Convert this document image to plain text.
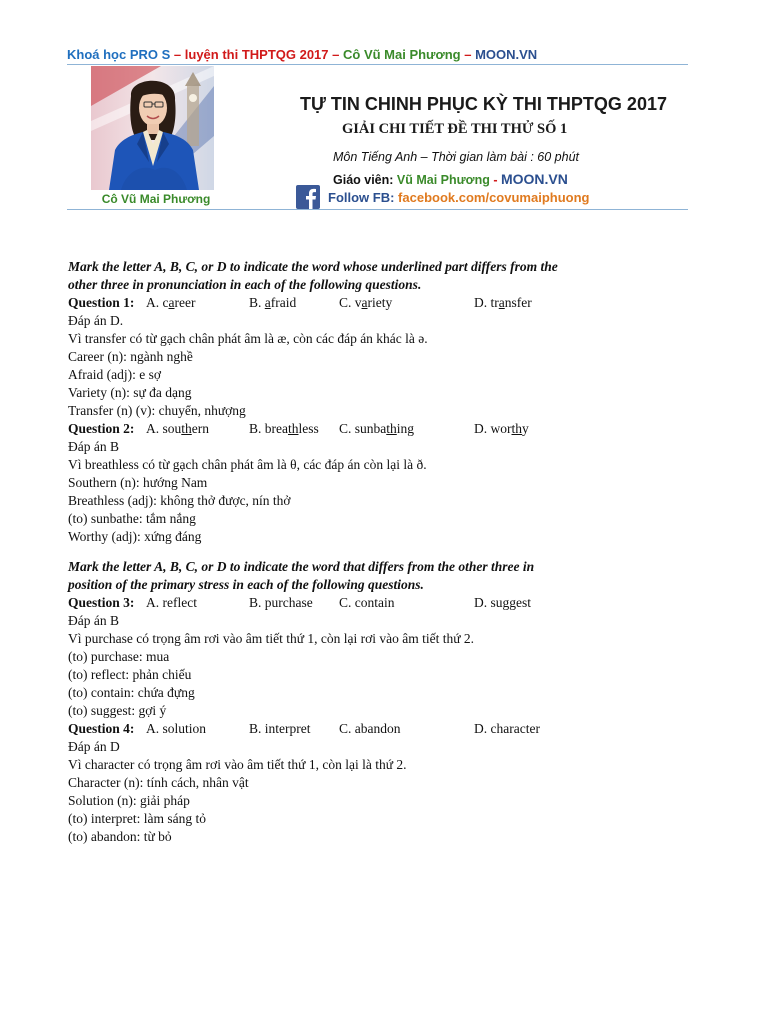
Khoá học PRO S – luyện thi THPTQG 2017 – Cô Vũ Mai Phương – MOON.VN
Cô Vũ Mai Phương
TỰ TIN CHINH PHỤC KỲ THI THPTQG 2017
GIẢI CHI TIẾT ĐỀ THI THỬ SỐ 1
Môn Tiếng Anh – Thời gian làm bài : 60 phút
Giáo viên: Vũ Mai Phương - MOON.VN
Follow FB: facebook.com/covumaiphuong
Mark the letter A, B, C, or D to indicate the word whose underlined part differs from the
other three in pronunciation in each of the following questions.
Question 1: A. career	B. afraid	C. variety	D. transfer
Đáp án D.
Vì transfer có từ gạch chân phát âm là æ, còn các đáp án khác là ə.
Career (n): ngành nghề
Afraid (adj): e sợ
Variety (n): sự đa dạng
Transfer (n) (v): chuyển, nhượng
Question 2: A. southern	B. breathless C. sunbathing	D. worthy
Đáp án B
Vì breathless có từ gạch chân phát âm là θ, các đáp án còn lại là ð.
Southern (n): hướng Nam
Breathless (adj): không thở được, nín thở
(to) sunbathe: tắm nắng
Worthy (adj): xứng đáng
Mark the letter A, B, C, or D to indicate the word that differs from the other three in
position of the primary stress in each of the following questions.
Question 3: A. reflect	B. purchase C. contain	D. suggest
Đáp án B
Vì purchase có trọng âm rơi vào âm tiết thứ 1, còn lại rơi vào âm tiết thứ 2.
(to) purchase: mua
(to) reflect: phản chiếu
(to) contain: chứa đựng
(to) suggest: gợi ý
Question 4: A. solution	B. interpret C. abandon	D. character
Đáp án D
Vì character có trọng âm rơi vào âm tiết thứ 1, còn lại là thứ 2.
Character (n): tính cách, nhân vật
Solution (n): giải pháp
(to) interpret: làm sáng tỏ
(to) abandon: từ bỏ
